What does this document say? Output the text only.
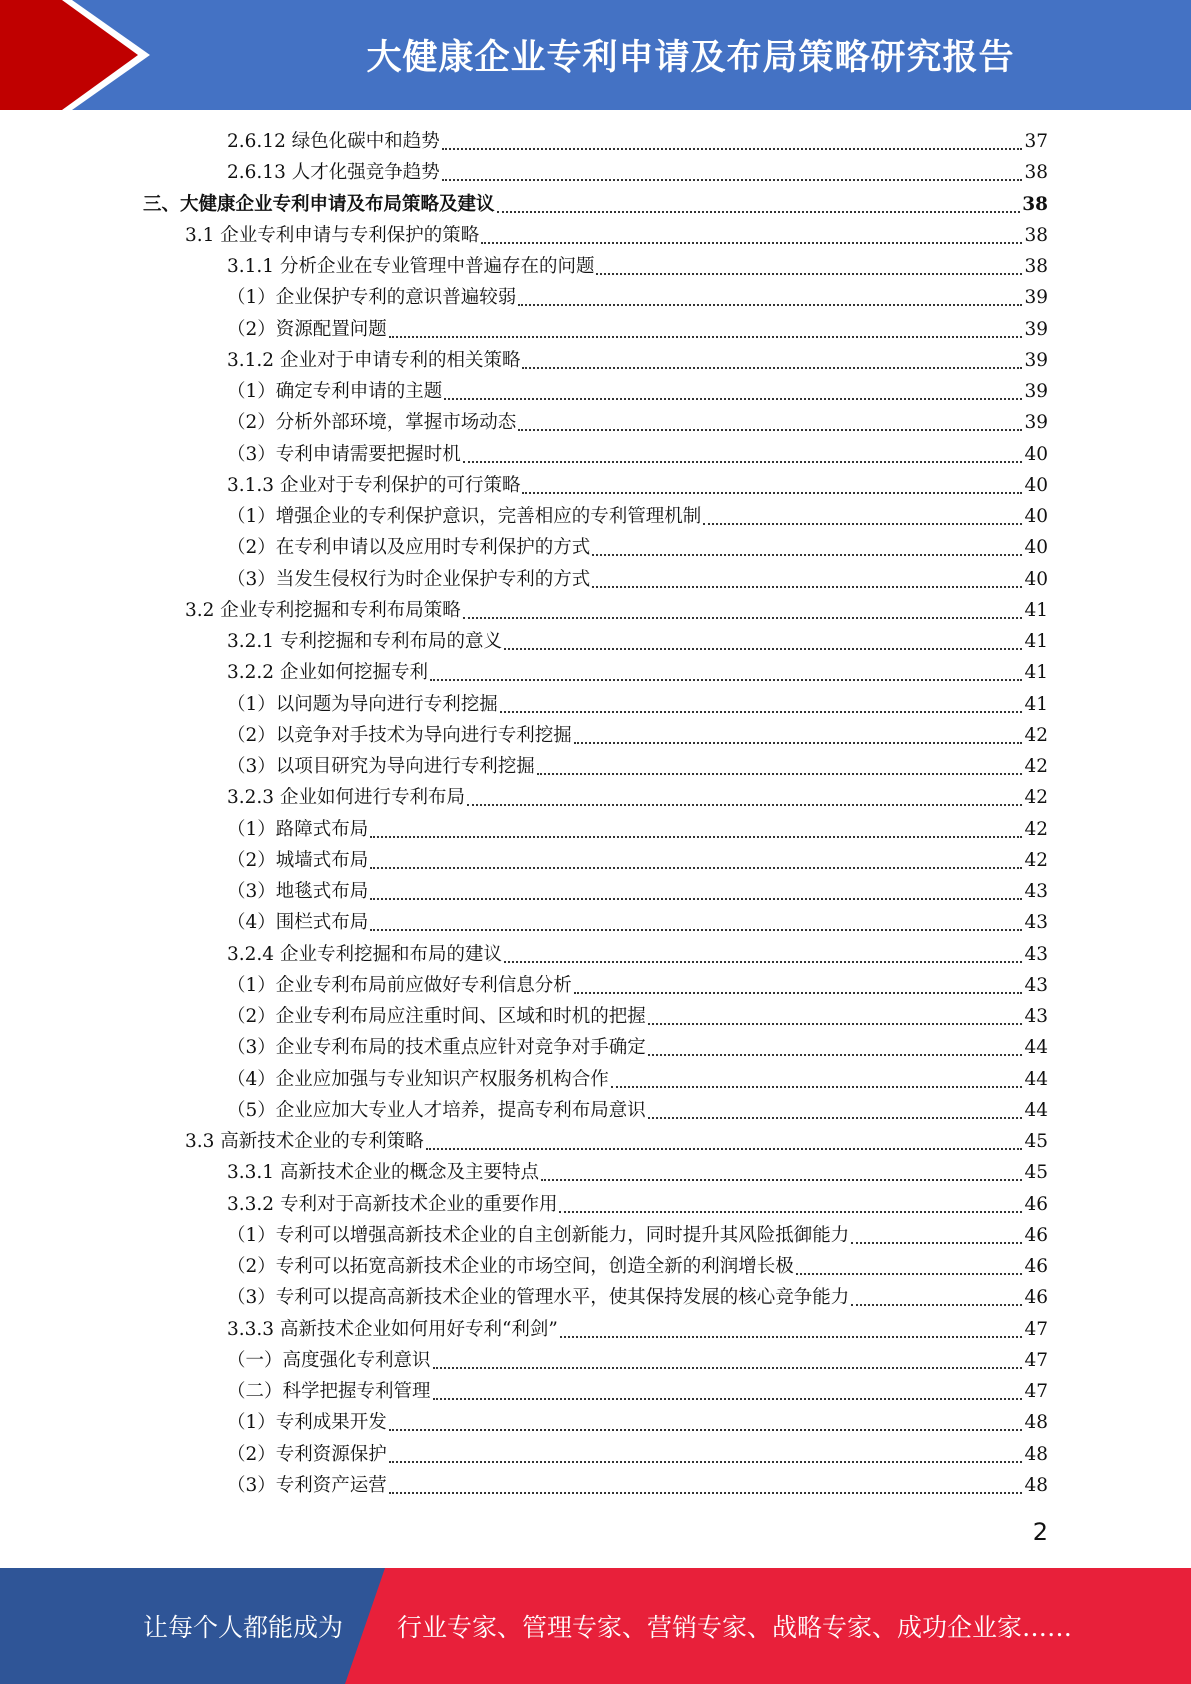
大健康企业专利申请及布局策略研究报告
2.6.12 绿色化碳中和趋势	37
2.6.13 人才化强竞争趋势	38
三、大健康企业专利申请及布局策略及建议	38
3.1 企业专利申请与专利保护的策略	38
3.1.1 分析企业在专业管理中普遍存在的问题	38
（1）企业保护专利的意识普遍较弱	39
（2）资源配置问题	39
3.1.2 企业对于申请专利的相关策略	39
（1）确定专利申请的主题	39
（2）分析外部环境，掌握市场动态	39
（3）专利申请需要把握时机	40
3.1.3 企业对于专利保护的可行策略	40
（1）增强企业的专利保护意识，完善相应的专利管理机制	40
（2）在专利申请以及应用时专利保护的方式	40
（3）当发生侵权行为时企业保护专利的方式	40
3.2 企业专利挖掘和专利布局策略	41
3.2.1 专利挖掘和专利布局的意义	41
3.2.2 企业如何挖掘专利	41
（1）以问题为导向进行专利挖掘	41
（2）以竞争对手技术为导向进行专利挖掘	42
（3）以项目研究为导向进行专利挖掘	42
3.2.3 企业如何进行专利布局	42
（1）路障式布局	42
（2）城墙式布局	42
（3）地毯式布局	43
（4）围栏式布局	43
3.2.4 企业专利挖掘和布局的建议	43
（1）企业专利布局前应做好专利信息分析	43
（2）企业专利布局应注重时间、区域和时机的把握	43
（3）企业专利布局的技术重点应针对竞争对手确定	44
（4）企业应加强与专业知识产权服务机构合作	44
（5）企业应加大专业人才培养，提高专利布局意识	44
3.3 高新技术企业的专利策略	45
3.3.1 高新技术企业的概念及主要特点	45
3.3.2 专利对于高新技术企业的重要作用	46
（1）专利可以增强高新技术企业的自主创新能力，同时提升其风险抵御能力	46
（2）专利可以拓宽高新技术企业的市场空间，创造全新的利润增长极	46
（3）专利可以提高高新技术企业的管理水平，使其保持发展的核心竞争能力	46
3.3.3 高新技术企业如何用好专利“利剑”	47
（一）高度强化专利意识	47
（二）科学把握专利管理	47
（1）专利成果开发	48
（2）专利资源保护	48
（3）专利资产运营	48
2
让每个人都能成为 行业专家、管理专家、营销专家、战略专家、成功企业家……
